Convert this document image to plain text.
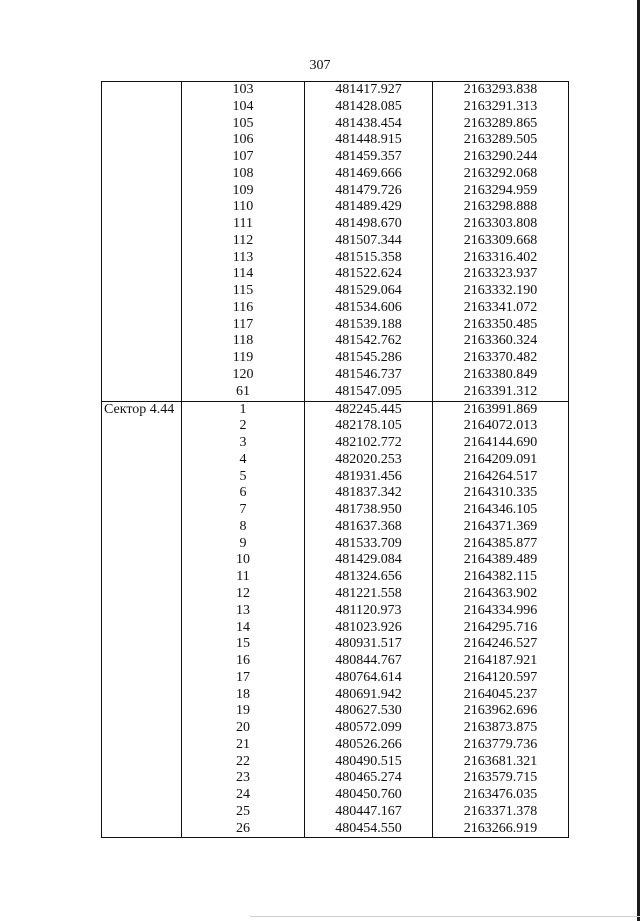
307
	103	481417.927	2163293.838
	104	481428.085	2163291.313
	105	481438.454	2163289.865
	106	481448.915	2163289.505
	107	481459.357	2163290.244
	108	481469.666	2163292.068
	109	481479.726	2163294.959
	110	481489.429	2163298.888
	111	481498.670	2163303.808
	112	481507.344	2163309.668
	113	481515.358	2163316.402
	114	481522.624	2163323.937
	115	481529.064	2163332.190
	116	481534.606	2163341.072
	117	481539.188	2163350.485
	118	481542.762	2163360.324
	119	481545.286	2163370.482
	120	481546.737	2163380.849
	61	481547.095	2163391.312
Сектор 4.44	1	482245.445	2163991.869
	2	482178.105	2164072.013
	3	482102.772	2164144.690
	4	482020.253	2164209.091
	5	481931.456	2164264.517
	6	481837.342	2164310.335
	7	481738.950	2164346.105
	8	481637.368	2164371.369
	9	481533.709	2164385.877
	10	481429.084	2164389.489
	11	481324.656	2164382.115
	12	481221.558	2164363.902
	13	481120.973	2164334.996
	14	481023.926	2164295.716
	15	480931.517	2164246.527
	16	480844.767	2164187.921
	17	480764.614	2164120.597
	18	480691.942	2164045.237
	19	480627.530	2163962.696
	20	480572.099	2163873.875
	21	480526.266	2163779.736
	22	480490.515	2163681.321
	23	480465.274	2163579.715
	24	480450.760	2163476.035
	25	480447.167	2163371.378
	26	480454.550	2163266.919
